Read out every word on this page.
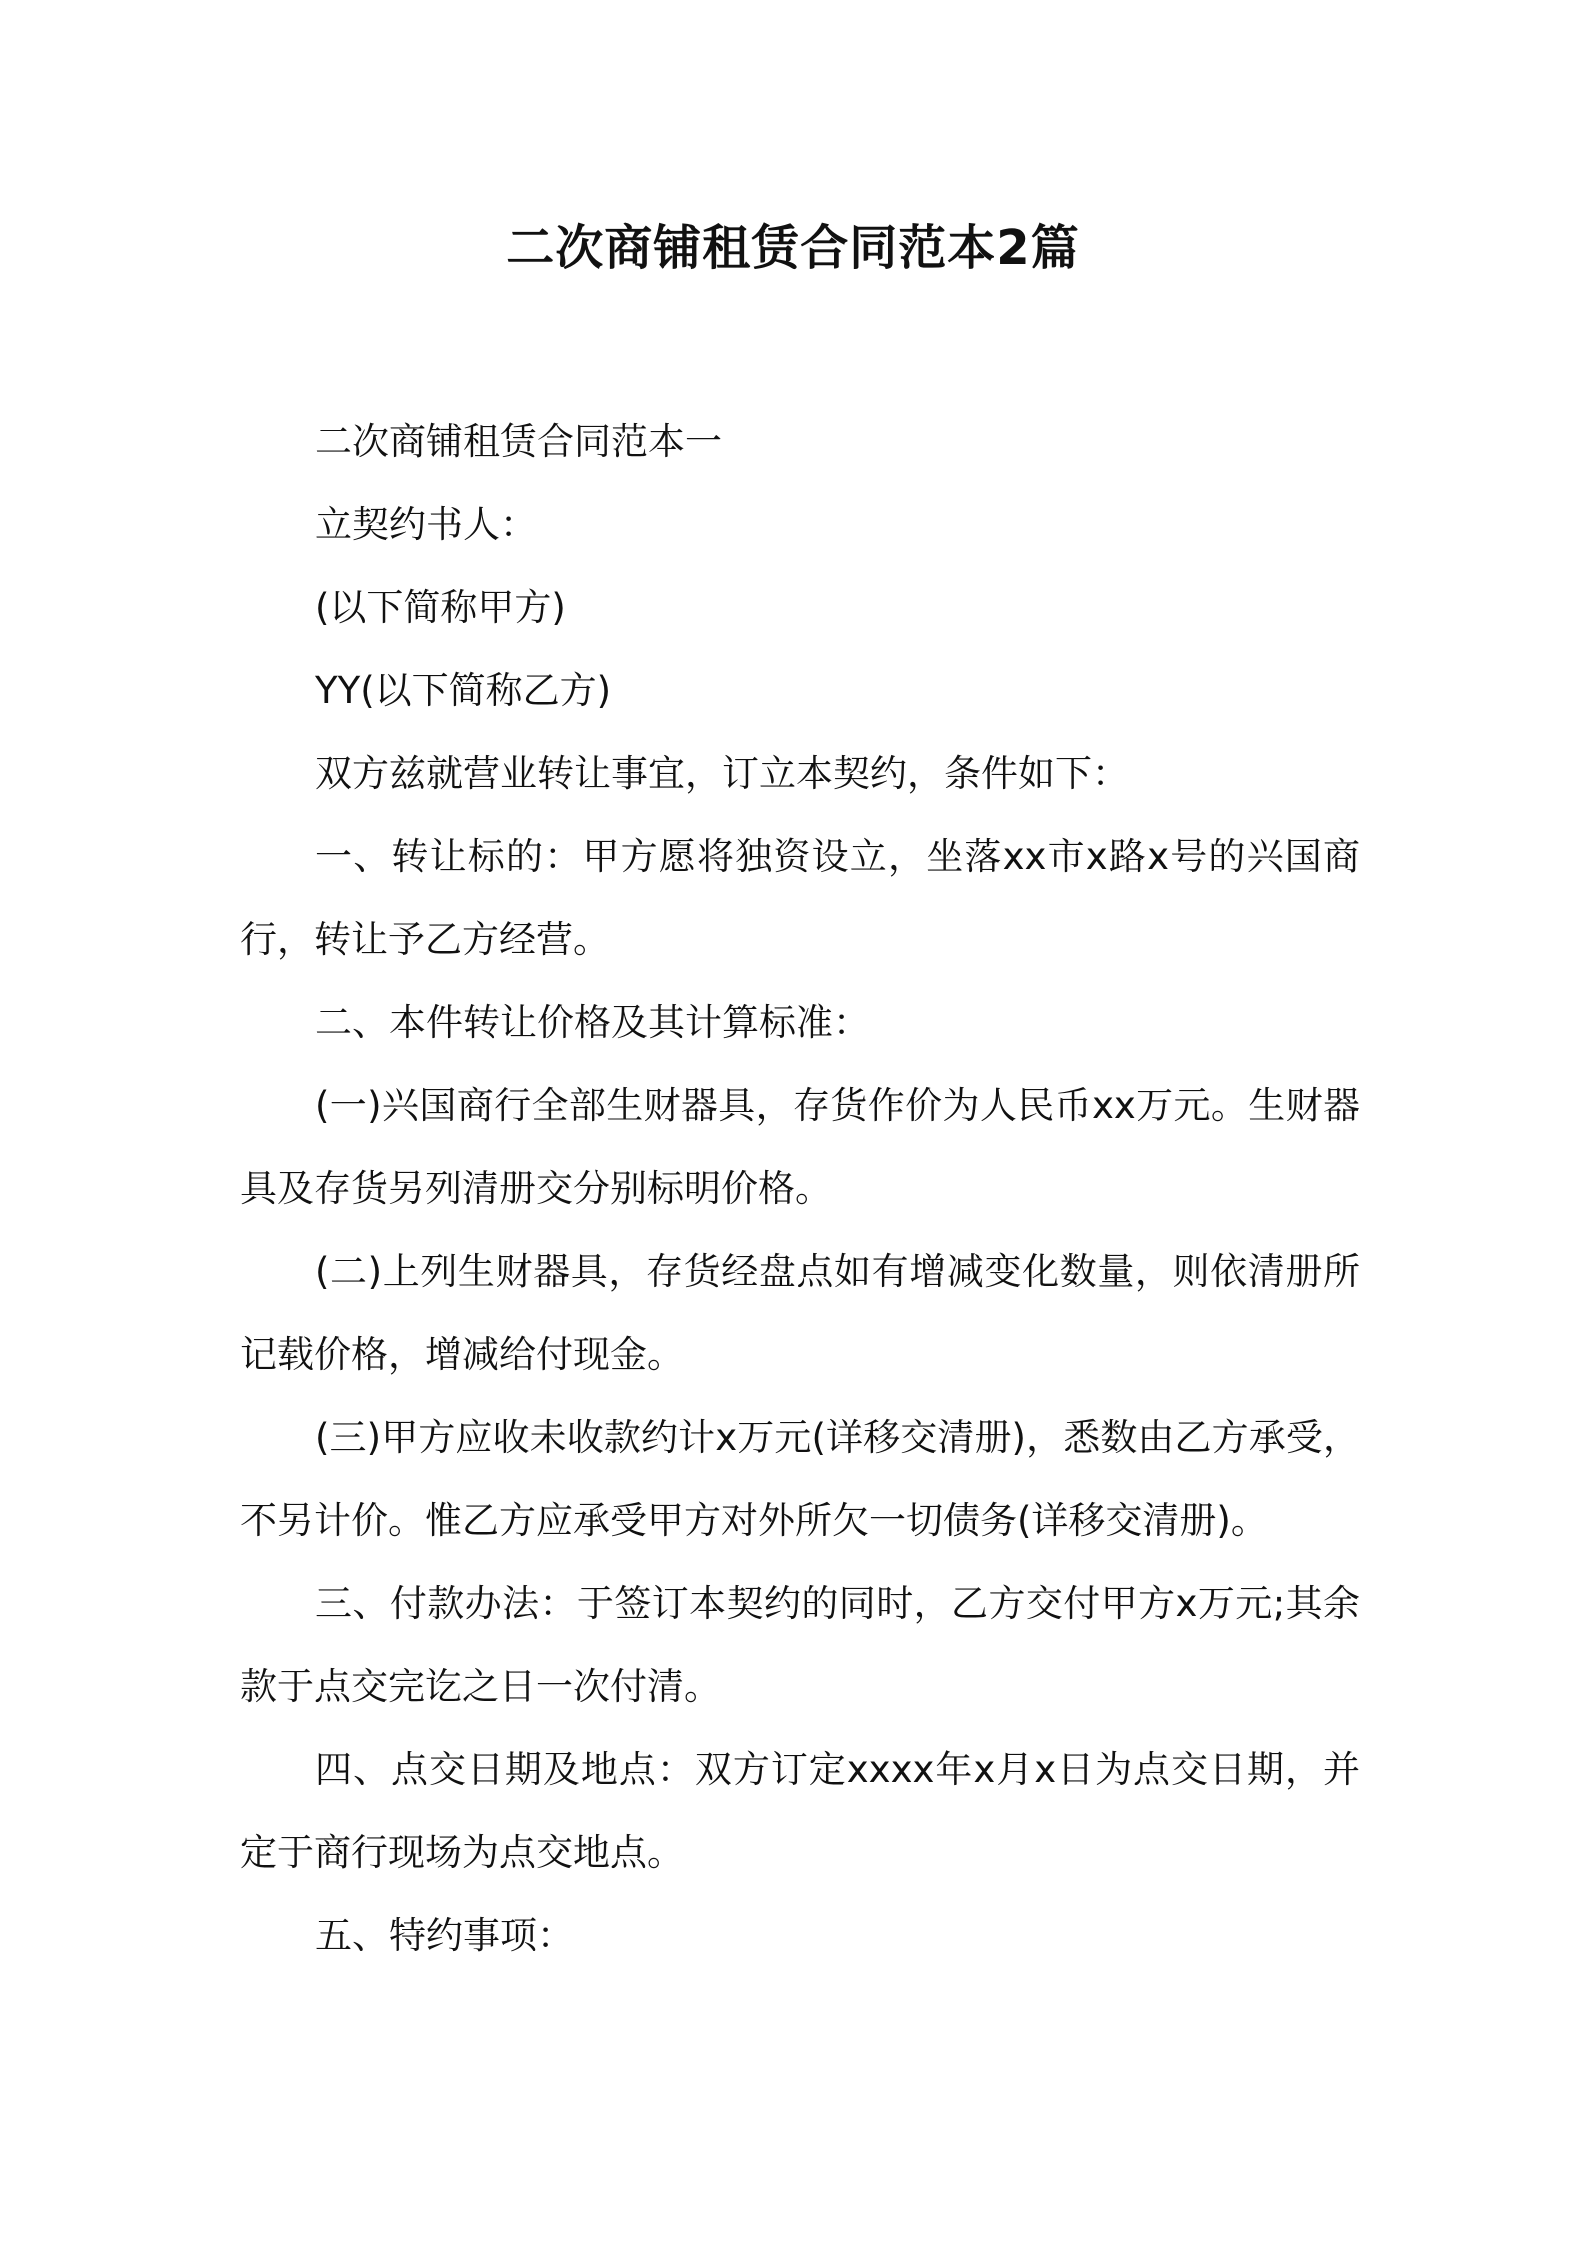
二次商铺租赁合同范本2篇

二次商铺租赁合同范本一

立契约书人：

(以下简称甲方)

YY(以下简称乙方)

双方兹就营业转让事宜，订立本契约，条件如下：

一、转让标的：甲方愿将独资设立，坐落xx市x路x号的兴国商行，转让予乙方经营。

二、本件转让价格及其计算标准：

(一)兴国商行全部生财器具，存货作价为人民币xx万元。生财器具及存货另列清册交分别标明价格。

(二)上列生财器具，存货经盘点如有增减变化数量，则依清册所记载价格，增减给付现金。

(三)甲方应收未收款约计x万元(详移交清册)，悉数由乙方承受，不另计价。惟乙方应承受甲方对外所欠一切债务(详移交清册)。

三、付款办法：于签订本契约的同时，乙方交付甲方x万元;其余款于点交完讫之日一次付清。

四、点交日期及地点：双方订定xxxx年x月x日为点交日期，并定于商行现场为点交地点。

五、特约事项：
